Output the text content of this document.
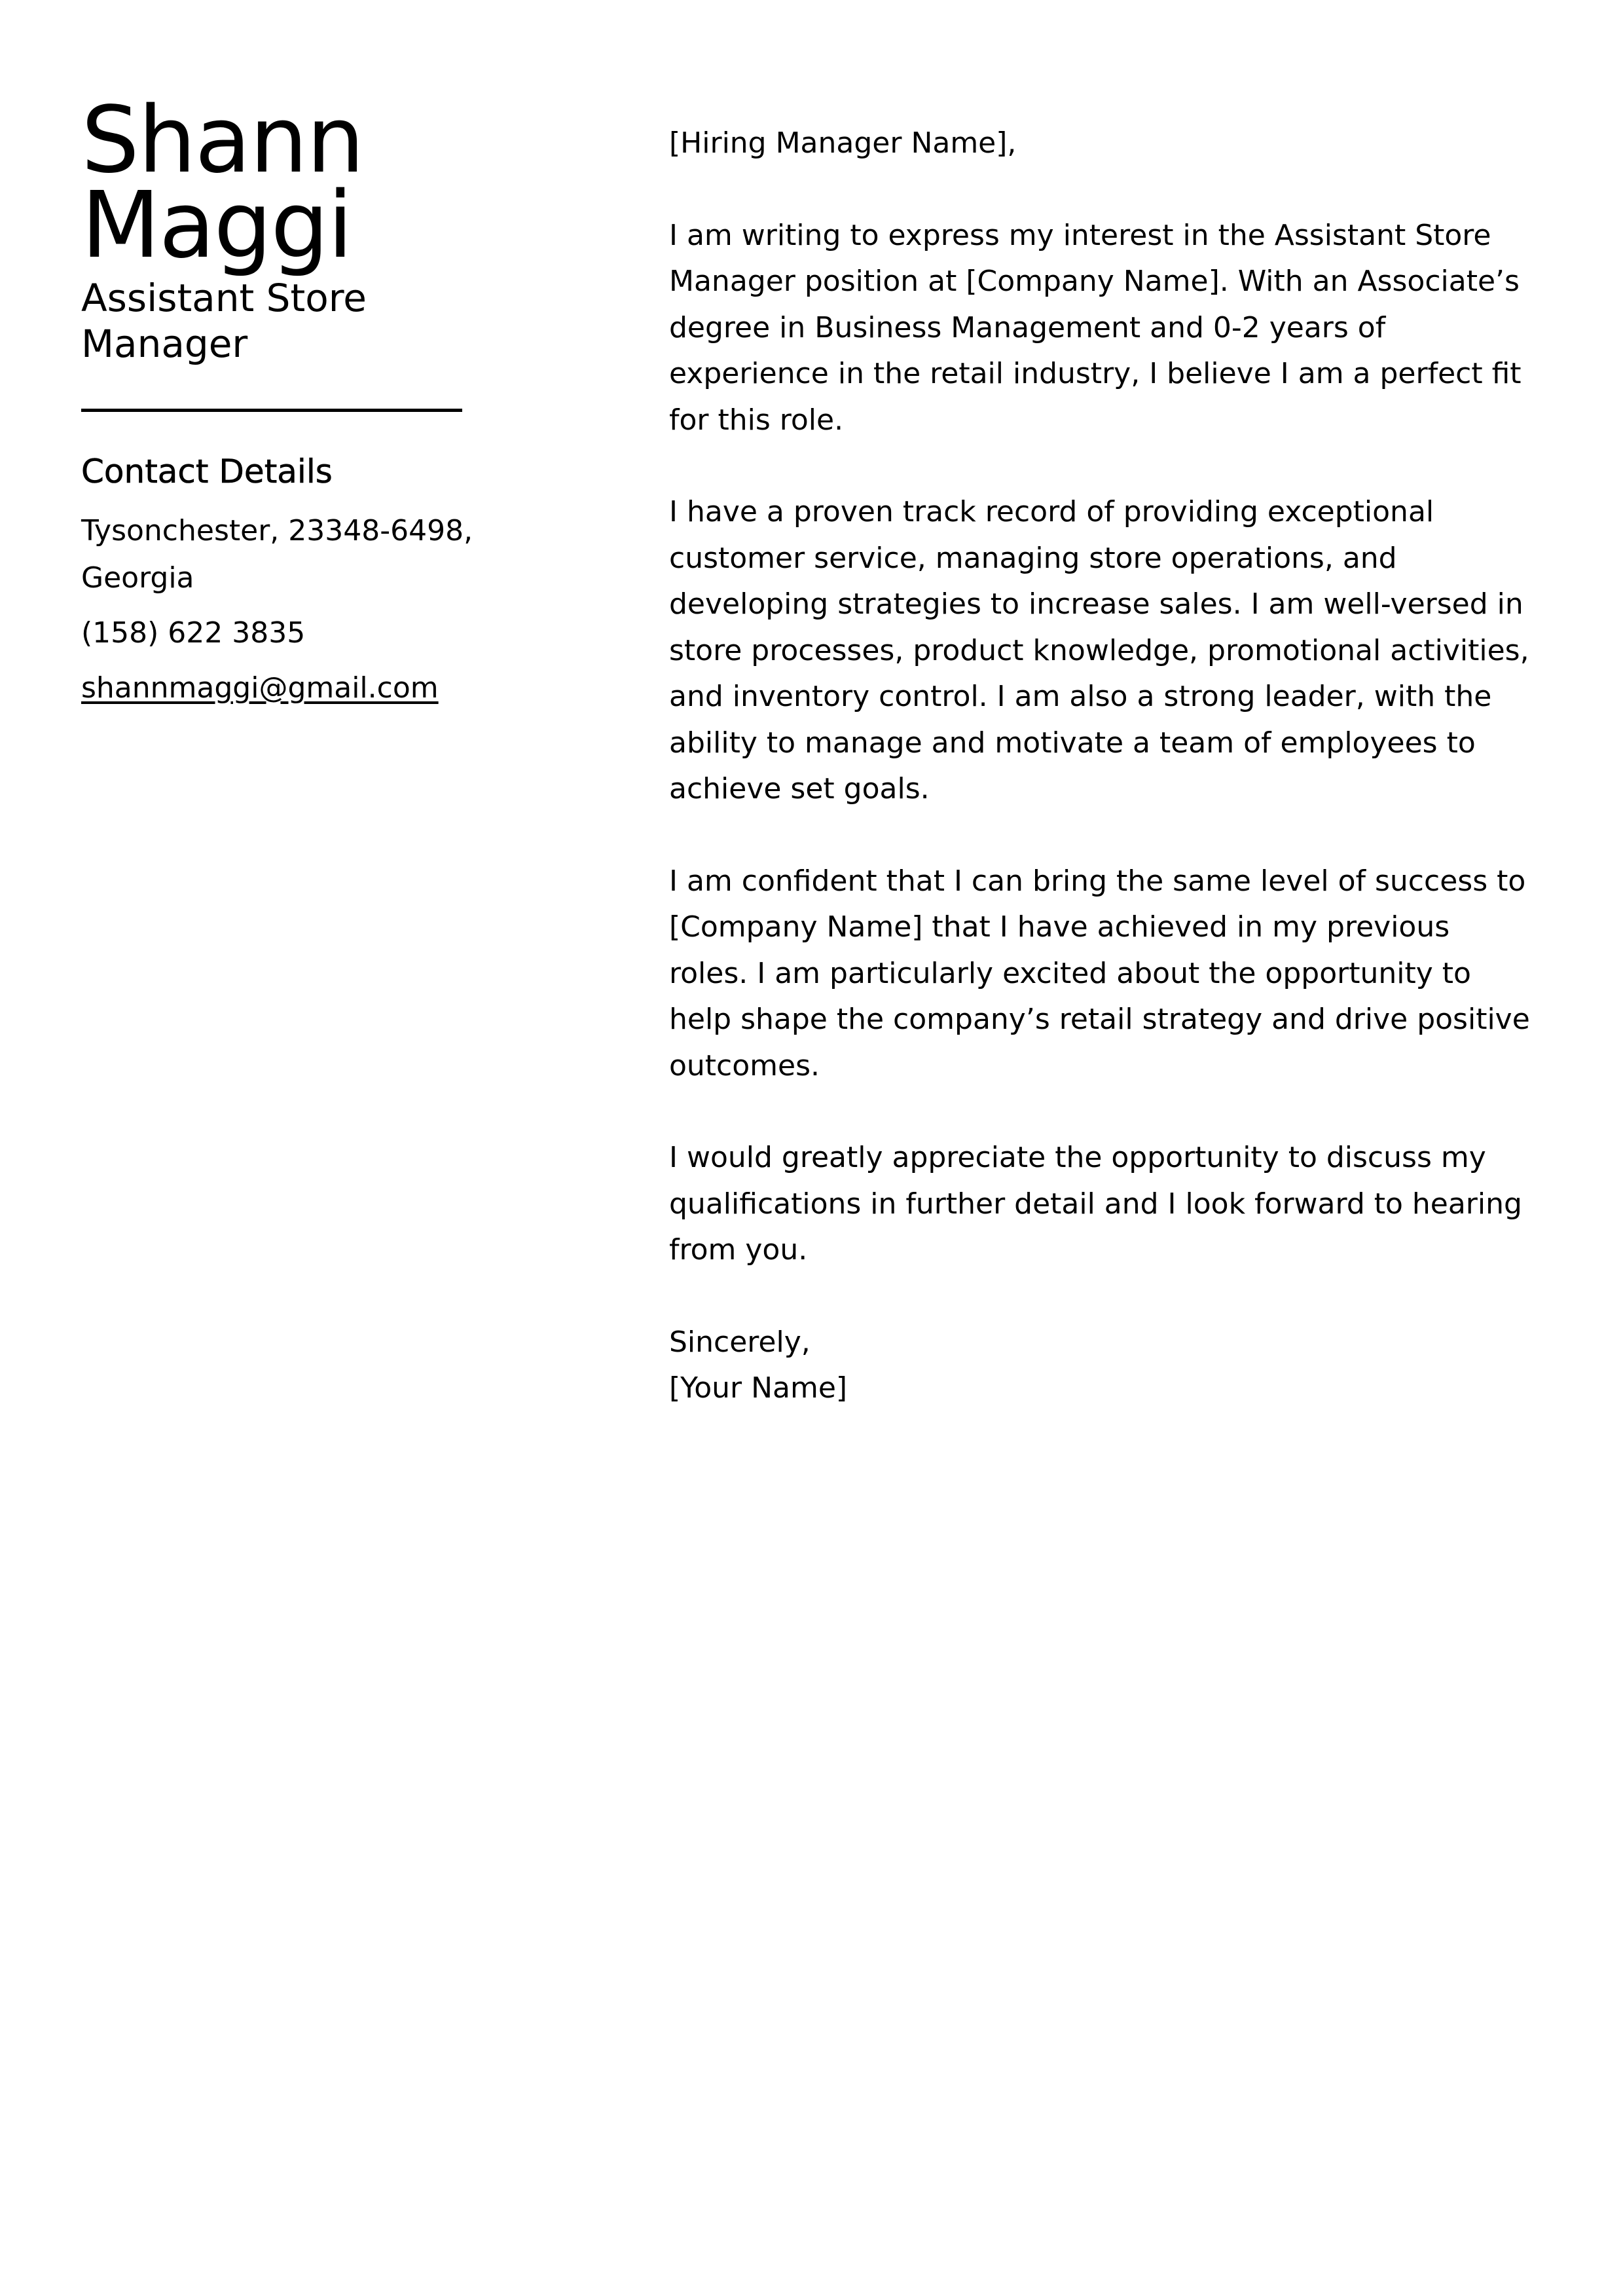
Shann
Maggi

Assistant Store Manager

Contact Details

Tysonchester, 23348-6498,

Georgia

(158) 622 3835

shannmaggi@gmail.com

[Hiring Manager Name],

I am writing to express my interest in the Assistant Store Manager position at [Company Name]. With an Associate’s degree in Business Management and 0-2 years of experience in the retail industry, I believe I am a perfect fit for this role.

I have a proven track record of providing exceptional customer service, managing store operations, and developing strategies to increase sales. I am well-versed in store processes, product knowledge, promotional activities, and inventory control. I am also a strong leader, with the ability to manage and motivate a team of employees to achieve set goals.

I am confident that I can bring the same level of success to [Company Name] that I have achieved in my previous roles. I am particularly excited about the opportunity to help shape the company’s retail strategy and drive positive outcomes.

I would greatly appreciate the opportunity to discuss my qualifications in further detail and I look forward to hearing from you.

Sincerely,

[Your Name]
